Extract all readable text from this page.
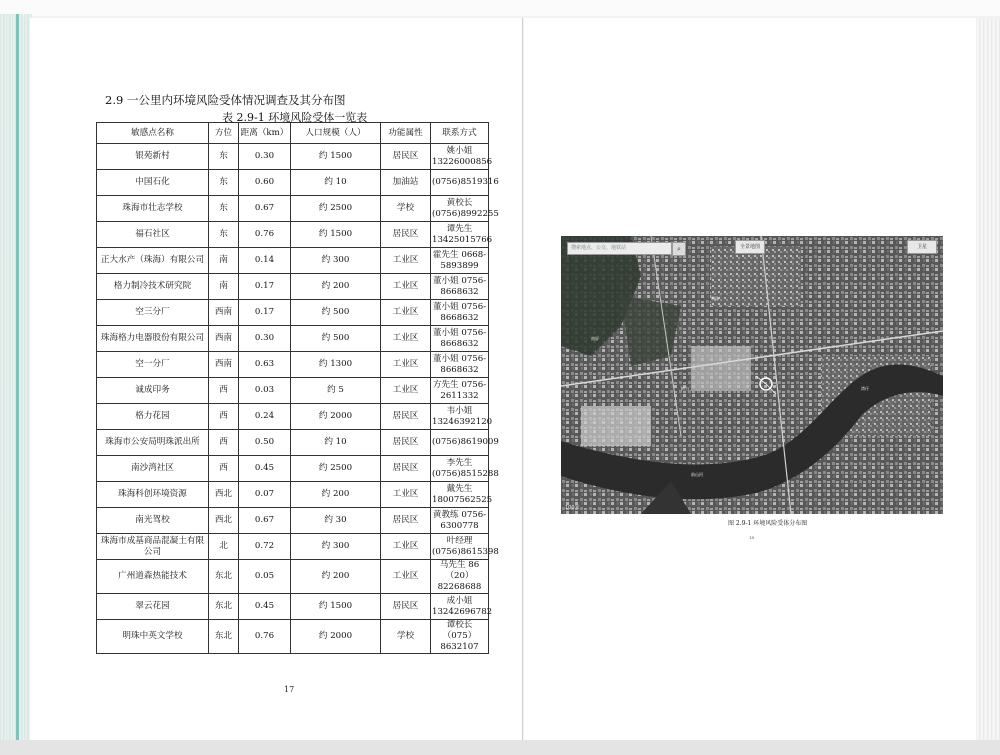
2.9 一公里内环境风险受体情况调查及其分布图
表 2.9-1 环境风险受体一览表
敏感点名称	方位	距离（km）	人口规模（人）	功能属性	联系方式
银苑新村	东	0.30	约 1500	居民区	姚小姐 13226000856
中国石化	东	0.60	约 10	加油站	(0756)8519316
珠海市壮志学校	东	0.67	约 2500	学校	黄校长 (0756)8992255
福石社区	东	0.76	约 1500	居民区	谭先生 13425015766
正大水产（珠海）有限公司	南	0.14	约 300	工业区	霍先生 0668-5893899
格力制冷技术研究院	南	0.17	约 200	工业区	董小姐 0756-8668632
空三分厂	西南	0.17	约 500	工业区	董小姐 0756-8668632
珠海格力电器股份有限公司	西南	0.30	约 500	工业区	董小姐 0756-8668632
空一分厂	西南	0.63	约 1300	工业区	董小姐 0756-8668632
诚成印务	西	0.03	约 5	工业区	方先生 0756-2611332
格力花园	西	0.24	约 2000	居民区	韦小姐 13246392120
珠海市公安局明珠派出所	西	0.50	约 10	居民区	(0756)8619009
南沙湾社区	西	0.45	约 2500	居民区	李先生 (0756)8515288
珠海科创环境资源	西北	0.07	约 200	工业区	戴先生 18007562525
南光驾校	西北	0.67	约 30	居民区	黄教练 0756-6300778
珠海市成基商品混凝土有限公司	北	0.72	约 300	工业区	叶经理 (0756)8615398
广州道森热能技术	东北	0.05	约 200	工业区	马先生 86（20）82268688
翠云花园	东北	0.45	约 1500	居民区	成小姐 13242696782
明珠中英文学校	东北	0.76	约 2000	学校	谭校长 （075）8632107
17
搜索地点、公交、地铁站	⌕	全景地图	卫星
南屏
明珠
格力
前山河
湾仔
100米
图 2.9-1 环境风险受体分布图
18
